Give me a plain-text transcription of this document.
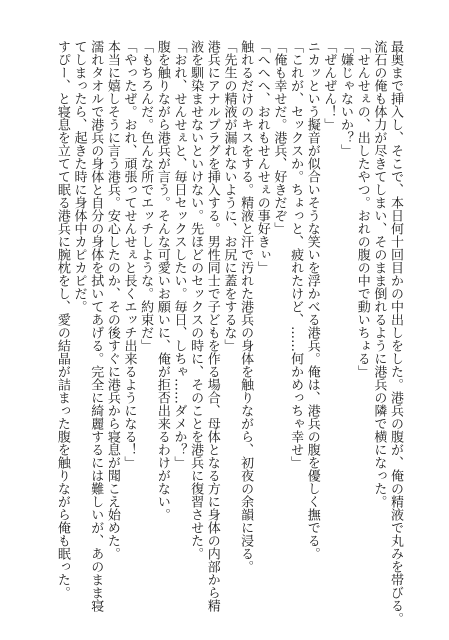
最奥まで挿入し、そこで、本日何十回目かの中出しをした。港兵の腹が、俺の精液で丸みを帯びる。
流石の俺も体力が尽きてしまい、そのまま倒れるように港兵の隣で横になった。
「せんせぇの、出したやつ。おれの腹の中で動いちょる」
「嫌じゃないか？」
「ぜんぜん！」
ニカッという擬音が似合いそうな笑いを浮かべる港兵。俺は、港兵の腹を優しく撫でる。
「これが、セックスか。ちょっと、疲れたけど、……何かめっちゃ幸せ」
「俺も幸せだ。港兵、好きだぞ」
「へへへ、おれもせんせぇの事好きぃ」
触れるだけのキスをする。精液と汗で汚れた港兵の身体を触りながら、初夜の余韻に浸る。
「先生の精液が漏れないように、お尻に蓋をするな」
港兵にアナルプラグを挿入する。男性同士で子どもを作る場合、母体となる方に身体の内部から精
液を馴染ませないといけない。先ほどのセックスの時に、そのことを港兵に復習させた。
「おれ、せんせぇと、毎日セックスしたい。毎日、しちゃ……ダメか？」
腹を触りながら港兵が言う。そんな可愛いお願いに、俺が拒否出来るわけがない。
「もちろんだ。色んな所でエッチしような。約束だ」
「やったぜ。おれ、頑張ってせんせぇと長くエッチ出来るようになる！」
本当に嬉しそうに言う港兵。安心したのか、その後すぐに港兵から寝息が聞こえ始めた。
濡れタオルで港兵の身体と自分の身体を拭いてあげる。完全に綺麗するには難しいが、あのまま寝
てしまったら、起きた時に身体中カピカピだ。
すぴー、と寝息を立てて眠る港兵に腕枕をし、愛の結晶が詰まった腹を触りながら俺も眠った。
